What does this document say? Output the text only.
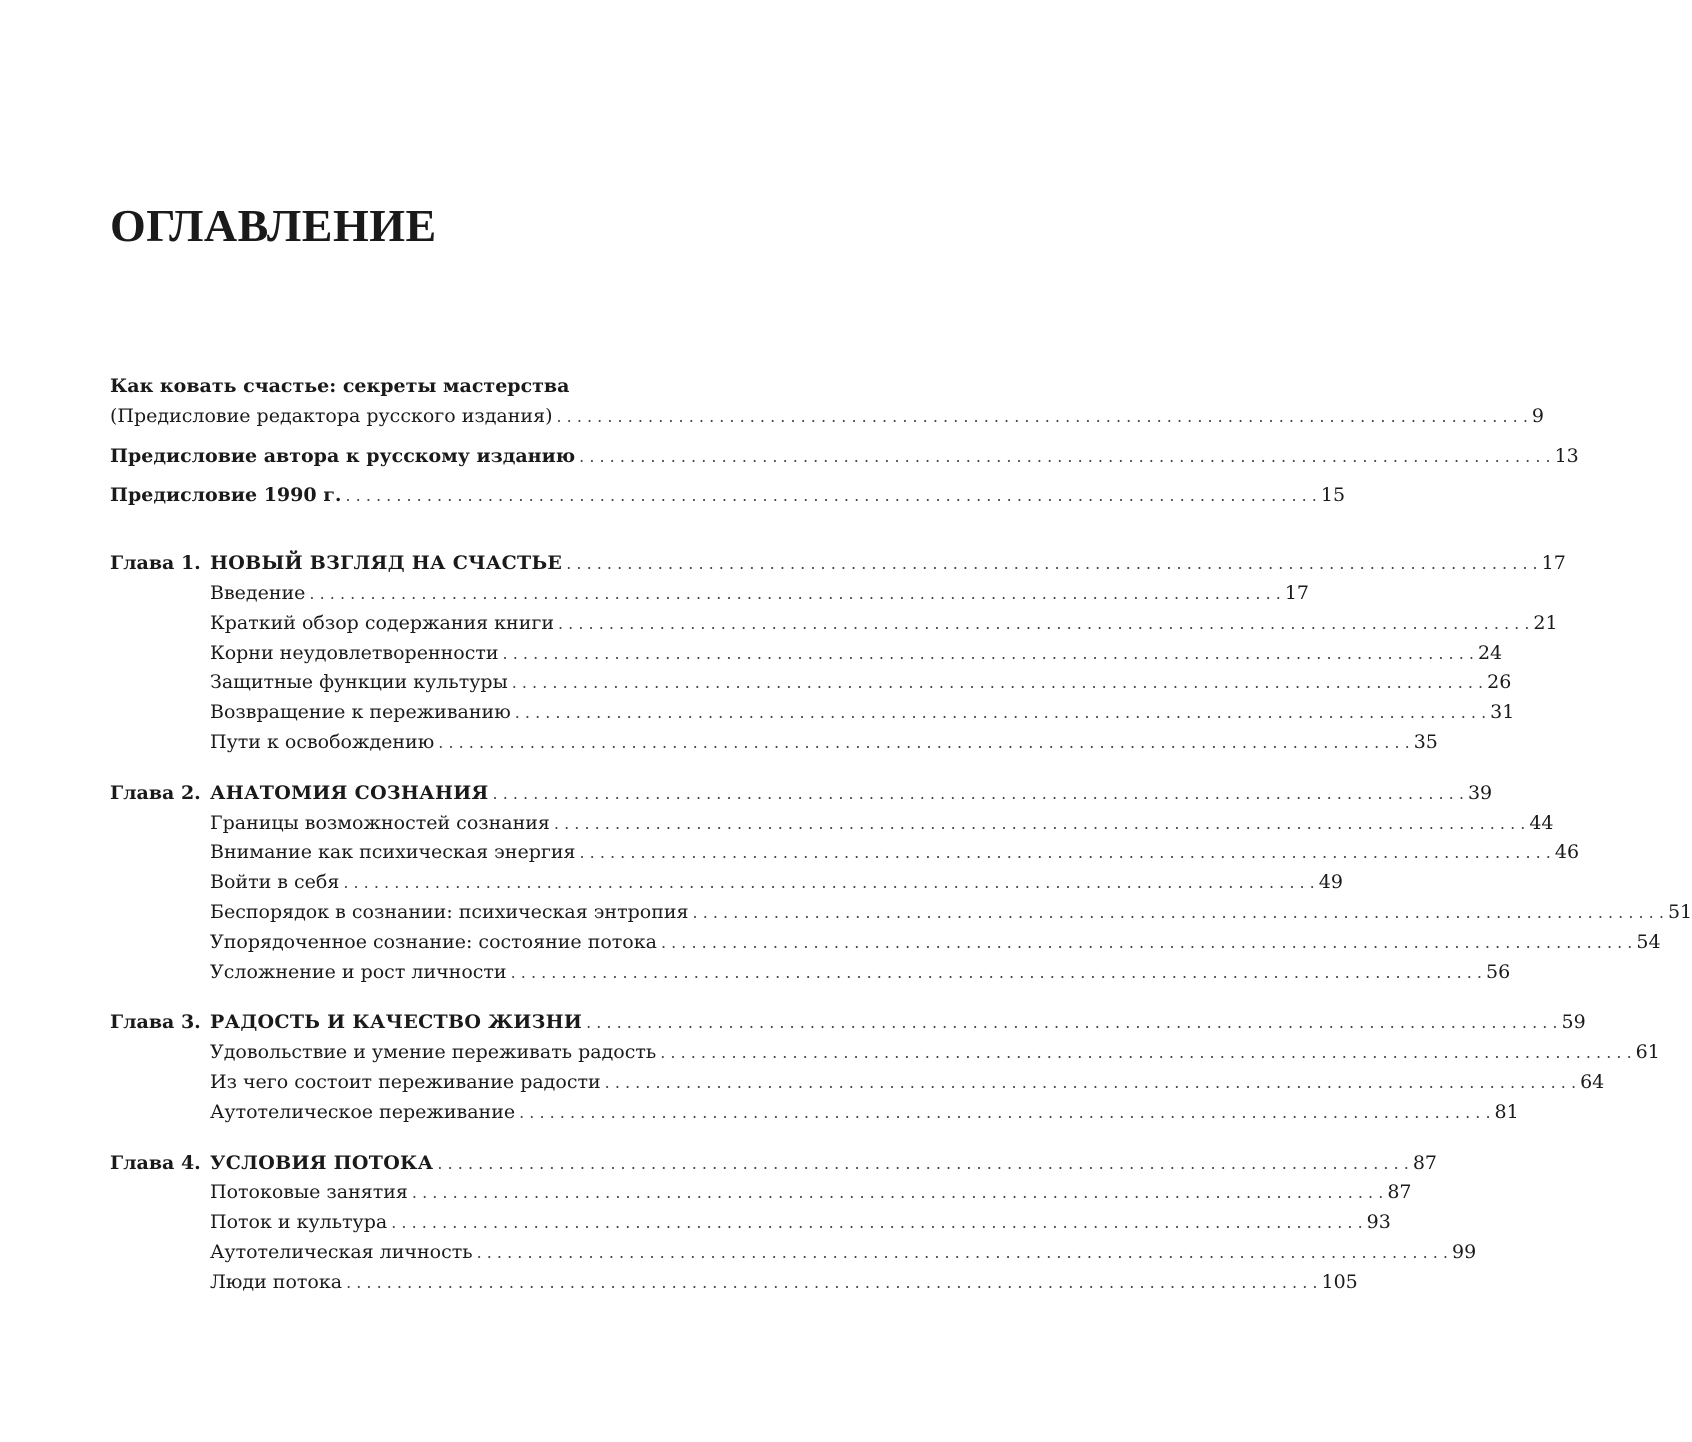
ОГЛАВЛЕНИЕ
Как ковать счастье: секреты мастерства
(Предисловие редактора русского издания) . . .	9
Предисловие автора к русскому изданию . . .	13
Предисловие 1990 г. . . .	15
Глава 1. НОВЫЙ ВЗГЛЯД НА СЧАСТЬЕ . . .	17
Введение . . .	17
Краткий обзор содержания книги . . .	21
Корни неудовлетворенности . . .	24
Защитные функции культуры . . .	26
Возвращение к переживанию . . .	31
Пути к освобождению . . .	35
Глава 2. АНАТОМИЯ СОЗНАНИЯ . . .	39
Границы возможностей сознания . . .	44
Внимание как психическая энергия . . .	46
Войти в себя . . .	49
Беспорядок в сознании: психическая энтропия . . .	51
Упорядоченное сознание: состояние потока . . .	54
Усложнение и рост личности . . .	56
Глава 3. РАДОСТЬ И КАЧЕСТВО ЖИЗНИ . . .	59
Удовольствие и умение переживать радость . . .	61
Из чего состоит переживание радости . . .	64
Аутотелическое переживание . . .	81
Глава 4. УСЛОВИЯ ПОТОКА . . .	87
Потоковые занятия . . .	87
Поток и культура . . .	93
Аутотелическая личность . . .	99
Люди потока . . .	105
